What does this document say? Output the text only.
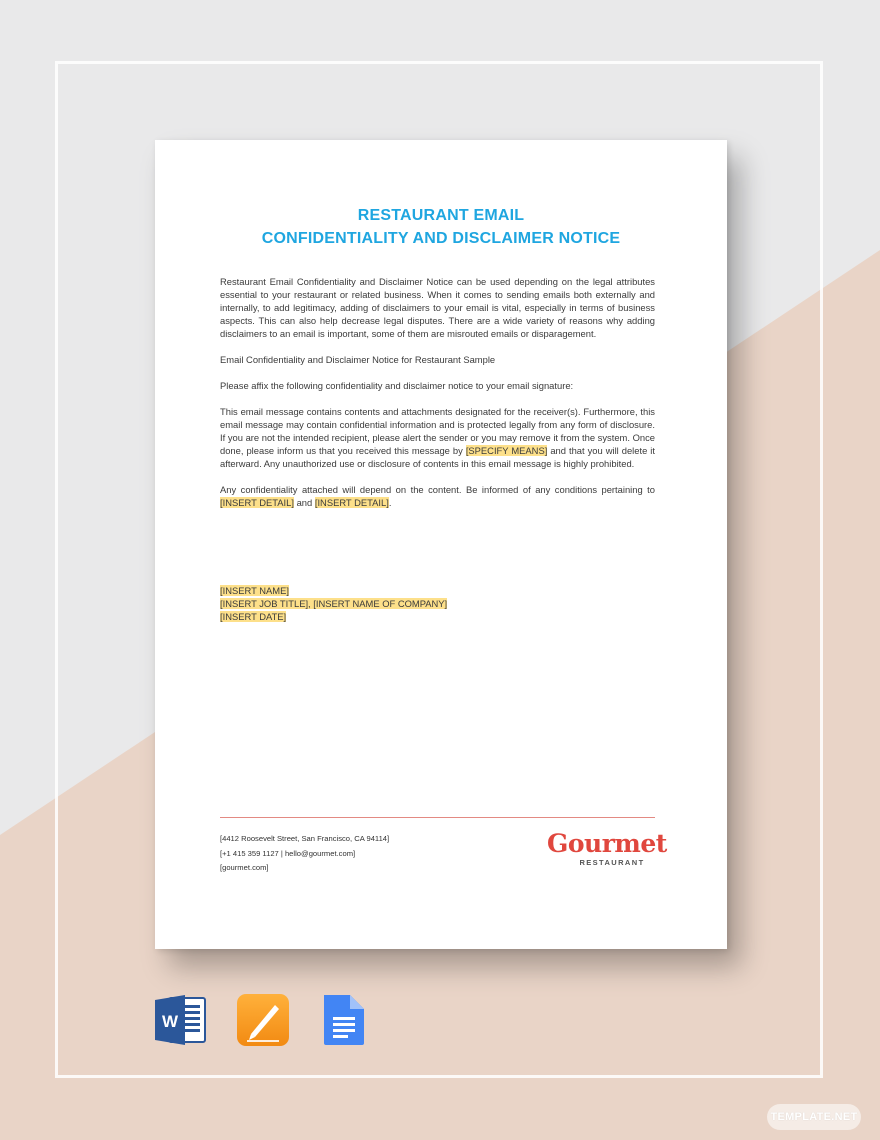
RESTAURANT EMAIL
CONFIDENTIALITY AND DISCLAIMER NOTICE

Restaurant Email Confidentiality and Disclaimer Notice can be used depending on the legal attributes essential to your restaurant or related business. When it comes to sending emails both externally and internally, to add legitimacy, adding of disclaimers to your email is vital, especially in terms of business aspects. This can also help decrease legal disputes. There are a wide variety of reasons why adding disclaimers to an email is important, some of them are misrouted emails or disparagement.

Email Confidentiality and Disclaimer Notice for Restaurant Sample

Please affix the following confidentiality and disclaimer notice to your email signature:

This email message contains contents and attachments designated for the receiver(s). Furthermore, this email message may contain confidential information and is protected legally from any form of disclosure. If you are not the intended recipient, please alert the sender or you may remove it from the system. Once done, please inform us that you received this message by [SPECIFY MEANS] and that you will delete it afterward. Any unauthorized use or disclosure of contents in this email message is highly prohibited.

Any confidentiality attached will depend on the content. Be informed of any conditions pertaining to [INSERT DETAIL] and [INSERT DETAIL].

[INSERT NAME]
[INSERT JOB TITLE], [INSERT NAME OF COMPANY]
[INSERT DATE]
[4412 Roosevelt Street, San Francisco, CA 94114]
[+1 415 359 1127 | hello@gourmet.com]
[gourmet.com]
Gourmet
RESTAURANT
W
TEMPLATE.NET
